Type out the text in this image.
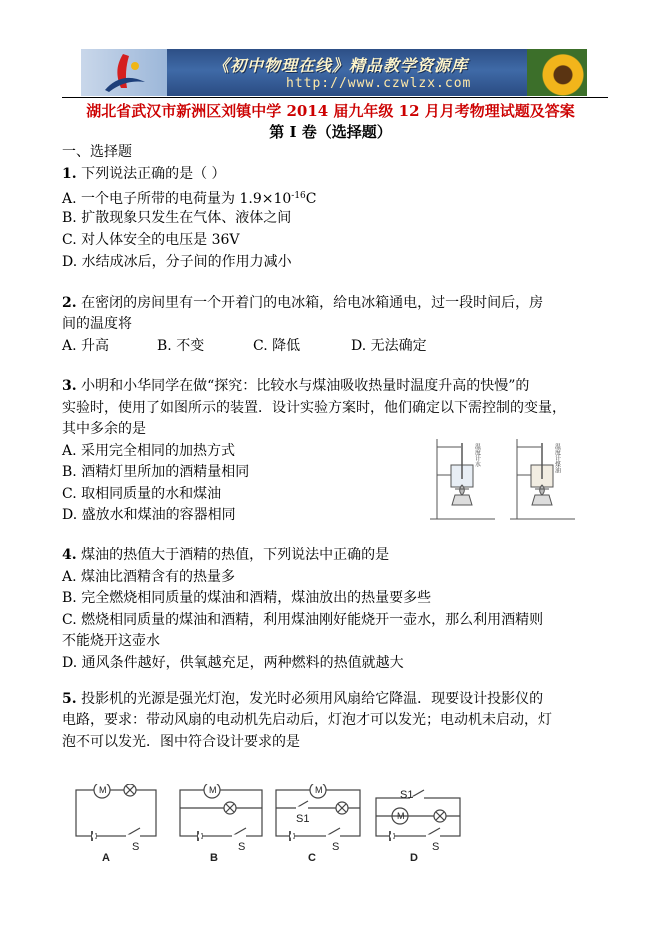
《初中物理在线》精品教学资源库
http://www.czwlzx.com
湖北省武汉市新洲区刘镇中学 2014 届九年级 12 月月考物理试题及答案
第 I 卷（选择题）
一、选择题
1. 下列说法正确的是（ ）
A. 一个电子所带的电荷量为 $1.9\times 10^{-16}C$
B. 扩散现象只发生在气体、液体之间
C. 对人体安全的电压是 36V
D. 水结成冰后，分子间的作用力减小
2. 在密闭的房间里有一个开着门的电冰箱，给电冰箱通电，过一段时间后，房
间的温度将
A. 升高	B. 不变	C. 降低	D. 无法确定
3. 小明和小华同学在做“探究：比较水与煤油吸收热量时温度升高的快慢”的
实验时，使用了如图所示的装置．设计实验方案时，他们确定以下需控制的变量，
其中多余的是
A. 采用完全相同的加热方式
B. 酒精灯里所加的酒精量相同
C. 取相同质量的水和煤油
D. 盛放水和煤油的容器相同
温度计水	温度计煤油
4. 煤油的热值大于酒精的热值，下列说法中正确的是
A. 煤油比酒精含有的热量多
B. 完全燃烧相同质量的煤油和酒精，煤油放出的热量要多些
C. 燃烧相同质量的煤油和酒精，利用煤油刚好能烧开一壶水，那么利用酒精则
不能烧开这壶水
D. 通风条件越好，供氧越充足，两种燃料的热值就越大
5. 投影机的光源是强光灯泡，发光时必须用风扇给它降温．现要设计投影仪的
电路，要求：带动风扇的电动机先启动后，灯泡才可以发光；电动机未启动，灯
泡不可以发光．图中符合设计要求的是
M	M	M
M
S	S
S1
S
S1
S
A	B	C	D
